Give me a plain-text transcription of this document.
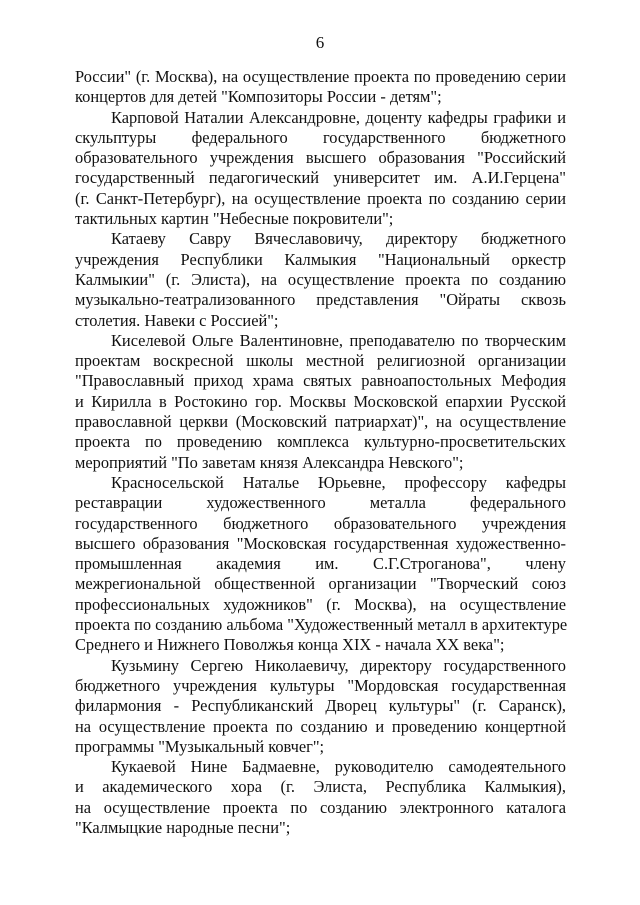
6

России" (г. Москва), на осуществление проекта по проведению серии
концертов для детей "Композиторы России - детям";

Карповой Наталии Александровне, доценту кафедры графики и
скульптуры федерального государственного бюджетного
образовательного учреждения высшего образования "Российский
государственный педагогический университет им. А.И.Герцена"
(г. Санкт-Петербург), на осуществление проекта по созданию серии
тактильных картин "Небесные покровители";

Катаеву Савру Вячеславовичу, директору бюджетного
учреждения Республики Калмыкия "Национальный оркестр
Калмыкии" (г. Элиста), на осуществление проекта по созданию
музыкально-театрализованного представления "Ойраты сквозь
столетия. Навеки с Россией";

Киселевой Ольге Валентиновне, преподавателю по творческим
проектам воскресной школы местной религиозной организации
"Православный приход храма святых равноапостольных Мефодия
и Кирилла в Ростокино гор. Москвы Московской епархии Русской
православной церкви (Московский патриархат)", на осуществление
проекта по проведению комплекса культурно-просветительских
мероприятий "По заветам князя Александра Невского";

Красносельской Наталье Юрьевне, профессору кафедры
реставрации художественного металла федерального
государственного бюджетного образовательного учреждения
высшего образования "Московская государственная художественно-
промышленная академия им. С.Г.Строганова", члену
межрегиональной общественной организации "Творческий союз
профессиональных художников" (г. Москва), на осуществление
проекта по созданию альбома "Художественный металл в архитектуре
Среднего и Нижнего Поволжья конца XIX - начала XX века";

Кузьмину Сергею Николаевичу, директору государственного
бюджетного учреждения культуры "Мордовская государственная
филармония - Республиканский Дворец культуры" (г. Саранск),
на осуществление проекта по созданию и проведению концертной
программы "Музыкальный ковчег";

Кукаевой Нине Бадмаевне, руководителю самодеятельного
и академического хора (г. Элиста, Республика Калмыкия),
на осуществление проекта по созданию электронного каталога
"Калмыцкие народные песни";
